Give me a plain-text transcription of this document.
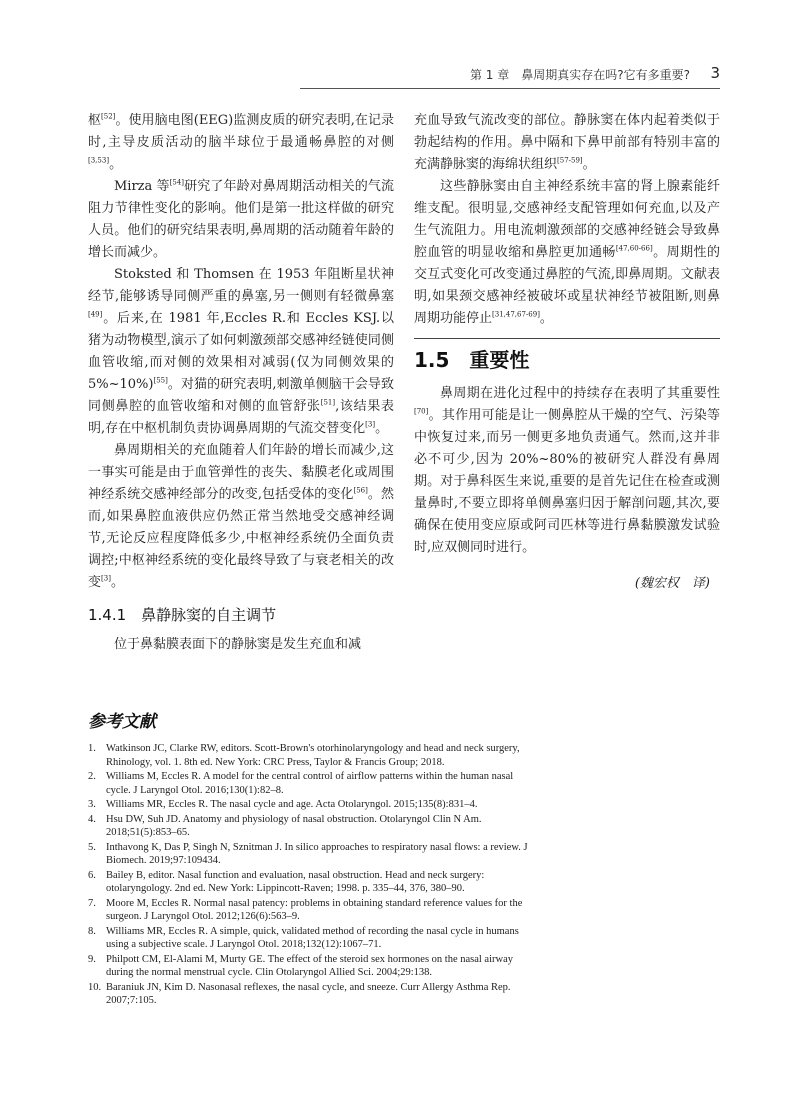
第 1 章　鼻周期真实存在吗?它有多重要? 3

枢[52]。使用脑电图(EEG)监测皮质的研究表明,在记录时,主导皮质活动的脑半球位于最通畅鼻腔的对侧[3,53]。

Mirza 等[54]研究了年龄对鼻周期活动相关的气流阻力节律性变化的影响。他们是第一批这样做的研究人员。他们的研究结果表明,鼻周期的活动随着年龄的增长而减少。

Stoksted 和 Thomsen 在 1953 年阻断星状神经节,能够诱导同侧严重的鼻塞,另一侧则有轻微鼻塞[49]。后来,在 1981 年,Eccles R.和 Eccles KSJ.以猪为动物模型,演示了如何刺激颈部交感神经链使同侧血管收缩,而对侧的效果相对减弱(仅为同侧效果的 5%~10%)[55]。对猫的研究表明,刺激单侧脑干会导致同侧鼻腔的血管收缩和对侧的血管舒张[51],该结果表明,存在中枢机制负责协调鼻周期的气流交替变化[3]。

鼻周期相关的充血随着人们年龄的增长而减少,这一事实可能是由于血管弹性的丧失、黏膜老化或周围神经系统交感神经部分的改变,包括受体的变化[56]。然而,如果鼻腔血液供应仍然正常当然地受交感神经调节,无论反应程度降低多少,中枢神经系统仍全面负责调控;中枢神经系统的变化最终导致了与衰老相关的改变[3]。

1.4.1　鼻静脉窦的自主调节

位于鼻黏膜表面下的静脉窦是发生充血和减

充血导致气流改变的部位。静脉窦在体内起着类似于勃起结构的作用。鼻中隔和下鼻甲前部有特别丰富的充满静脉窦的海绵状组织[57-59]。

这些静脉窦由自主神经系统丰富的肾上腺素能纤维支配。很明显,交感神经支配管理如何充血,以及产生气流阻力。用电流刺激颈部的交感神经链会导致鼻腔血管的明显收缩和鼻腔更加通畅[47,60-66]。周期性的交互式变化可改变通过鼻腔的气流,即鼻周期。文献表明,如果颈交感神经被破坏或星状神经节被阻断,则鼻周期功能停止[31,47,67-69]。

1.5　重要性

鼻周期在进化过程中的持续存在表明了其重要性[70]。其作用可能是让一侧鼻腔从干燥的空气、污染等中恢复过来,而另一侧更多地负责通气。然而,这并非必不可少,因为 20%~80%的被研究人群没有鼻周期。对于鼻科医生来说,重要的是首先记住在检查或测量鼻时,不要立即将单侧鼻塞归因于解剖问题,其次,要确保在使用变应原或阿司匹林等进行鼻黏膜激发试验时,应双侧同时进行。

(魏宏权　译)
参考文献
1. Watkinson JC, Clarke RW, editors. Scott-Brown's otorhinolaryngology and head and neck surgery, Rhinology, vol. 1. 8th ed. New York: CRC Press, Taylor & Francis Group; 2018.
2. Williams M, Eccles R. A model for the central control of airflow patterns within the human nasal cycle. J Laryngol Otol. 2016;130(1):82–8.
3. Williams MR, Eccles R. The nasal cycle and age. Acta Otolaryngol. 2015;135(8):831–4.
4. Hsu DW, Suh JD. Anatomy and physiology of nasal obstruction. Otolaryngol Clin N Am. 2018;51(5):853–65.
5. Inthavong K, Das P, Singh N, Sznitman J. In silico approaches to respiratory nasal flows: a review. J Biomech. 2019;97:109434.
6. Bailey B, editor. Nasal function and evaluation, nasal obstruction. Head and neck surgery: otolaryngology. 2nd ed. New York: Lippincott-Raven; 1998. p. 335–44, 376, 380–90.
7. Moore M, Eccles R. Normal nasal patency: problems in obtaining standard reference values for the surgeon. J Laryngol Otol. 2012;126(6):563–9.
8. Williams MR, Eccles R. A simple, quick, validated method of recording the nasal cycle in humans using a subjective scale. J Laryngol Otol. 2018;132(12):1067–71.
9. Philpott CM, El-Alami M, Murty GE. The effect of the steroid sex hormones on the nasal airway during the normal menstrual cycle. Clin Otolaryngol Allied Sci. 2004;29:138.
10. Baraniuk JN, Kim D. Nasonasal reflexes, the nasal cycle, and sneeze. Curr Allergy Asthma Rep. 2007;7:105.
